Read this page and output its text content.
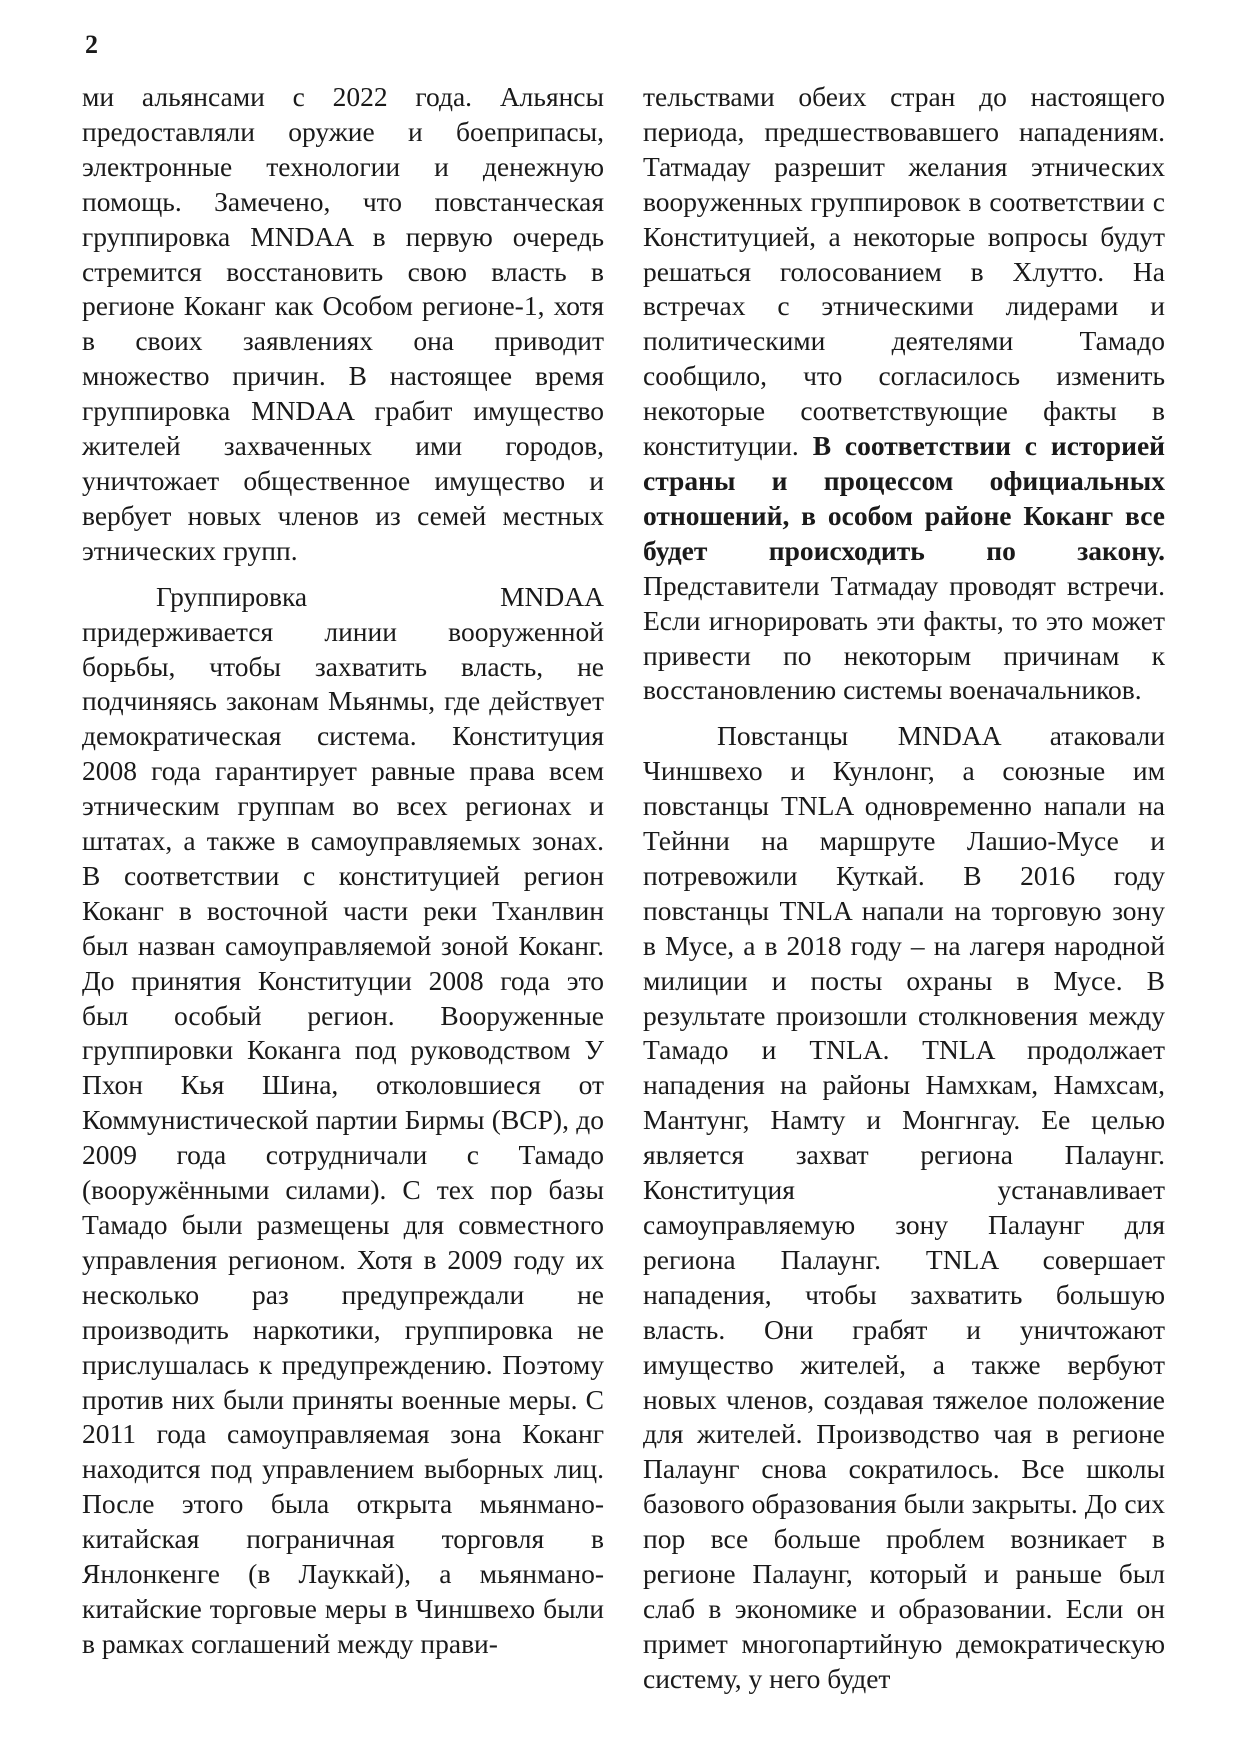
2

ми альянсами с 2022 года. Альянсы предоставляли оружие и боеприпасы, электронные технологии и денежную помощь. Замечено, что повстанческая группировка MNDAA в первую очередь стремится восстановить свою власть в регионе Коканг как Особом регионе-1, хотя в своих заявлениях она приводит множество причин. В настоящее время группировка MNDAA грабит имущество жителей захваченных ими городов, уничтожает общественное имущество и вербует новых членов из семей местных этнических групп.

Группировка MNDAA придерживается линии вооруженной борьбы, чтобы захватить власть, не подчиняясь законам Мьянмы, где действует демократическая система. Конституция 2008 года гарантирует равные права всем этническим группам во всех регионах и штатах, а также в самоуправляемых зонах. В соответствии с конституцией регион Коканг в восточной части реки Тханлвин был назван самоуправляемой зоной Коканг. До принятия Конституции 2008 года это был особый регион. Вооруженные группировки Коканга под руководством У Пхон Кья Шина, отколовшиеся от Коммунистической партии Бирмы (BCP), до 2009 года сотрудничали с Тамадо (вооружёнными силами). С тех пор базы Тамадо были размещены для совместного управления регионом. Хотя в 2009 году их несколько раз предупреждали не производить наркотики, группировка не прислушалась к предупреждению. Поэтому против них были приняты военные меры. С 2011 года самоуправляемая зона Коканг находится под управлением выборных лиц. После этого была открыта мьянмано-китайская пограничная торговля в Янлонкенге (в Лауккай), а мьянмано-китайские торговые меры в Чиншвехо были в рамках соглашений между прави-

тельствами обеих стран до настоящего периода, предшествовавшего нападениям. Татмадау разрешит желания этнических вооруженных группировок в соответствии с Конституцией, а некоторые вопросы будут решаться голосованием в Хлутто. На встречах с этническими лидерами и политическими деятелями Тамадо сообщило, что согласилось изменить некоторые соответствующие факты в конституции. В соответствии с историей страны и процессом официальных отношений, в особом районе Коканг все будет происходить по закону. Представители Татмадау проводят встречи. Если игнорировать эти факты, то это может привести по некоторым причинам к восстановлению системы военачальников.

Повстанцы MNDAA атаковали Чиншвехо и Кунлонг, а союзные им повстанцы TNLA одновременно напали на Тейнни на маршруте Лашио-Мусе и потревожили Куткай. В 2016 году повстанцы TNLA напали на торговую зону в Мусе, а в 2018 году – на лагеря народной милиции и посты охраны в Мусе. В результате произошли столкновения между Тамадо и TNLA. TNLA продолжает нападения на районы Намхкам, Намхсам, Мантунг, Намту и Монгнгау. Ее целью является захват региона Палаунг. Конституция устанавливает самоуправляемую зону Палаунг для региона Палаунг. TNLA совершает нападения, чтобы захватить большую власть. Они грабят и уничтожают имущество жителей, а также вербуют новых членов, создавая тяжелое положение для жителей. Производство чая в регионе Палаунг снова сократилось. Все школы базового образования были закрыты. До сих пор все больше проблем возникает в регионе Палаунг, который и раньше был слаб в экономике и образовании. Если он примет многопартийную демократическую систему, у него будет
